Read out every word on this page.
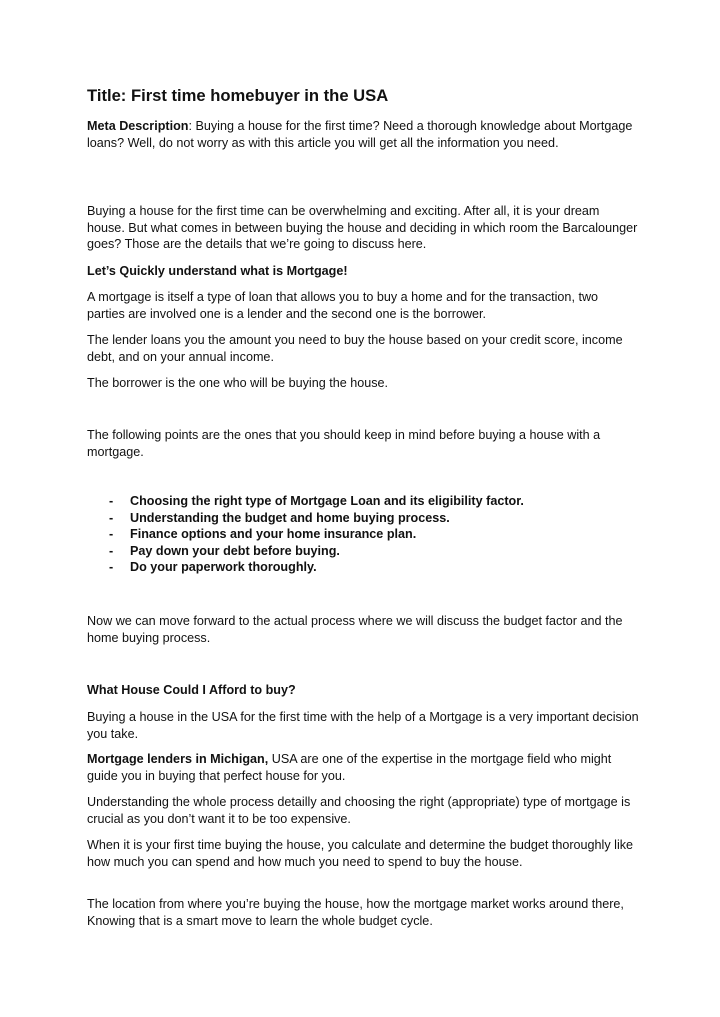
Title: First time homebuyer in the USA

Meta Description: Buying a house for the first time? Need a thorough knowledge about Mortgage loans? Well, do not worry as with this article you will get all the information you need.

Buying a house for the first time can be overwhelming and exciting. After all, it is your dream house. But what comes in between buying the house and deciding in which room the Barcalounger goes? Those are the details that we’re going to discuss here.

Let’s Quickly understand what is Mortgage!

A mortgage is itself a type of loan that allows you to buy a home and for the transaction, two parties are involved one is a lender and the second one is the borrower.

The lender loans you the amount you need to buy the house based on your credit score, income debt, and on your annual income.

The borrower is the one who will be buying the house.

The following points are the ones that you should keep in mind before buying a house with a mortgage.

- Choosing the right type of Mortgage Loan and its eligibility factor.
- Understanding the budget and home buying process.
- Finance options and your home insurance plan.
- Pay down your debt before buying.
- Do your paperwork thoroughly.

Now we can move forward to the actual process where we will discuss the budget factor and the home buying process.

What House Could I Afford to buy?

Buying a house in the USA for the first time with the help of a Mortgage is a very important decision you take.

Mortgage lenders in Michigan, USA are one of the expertise in the mortgage field who might guide you in buying that perfect house for you.

Understanding the whole process detailly and choosing the right (appropriate) type of mortgage is crucial as you don’t want it to be too expensive.

When it is your first time buying the house, you calculate and determine the budget thoroughly like how much you can spend and how much you need to spend to buy the house.

The location from where you’re buying the house, how the mortgage market works around there, Knowing that is a smart move to learn the whole budget cycle.
